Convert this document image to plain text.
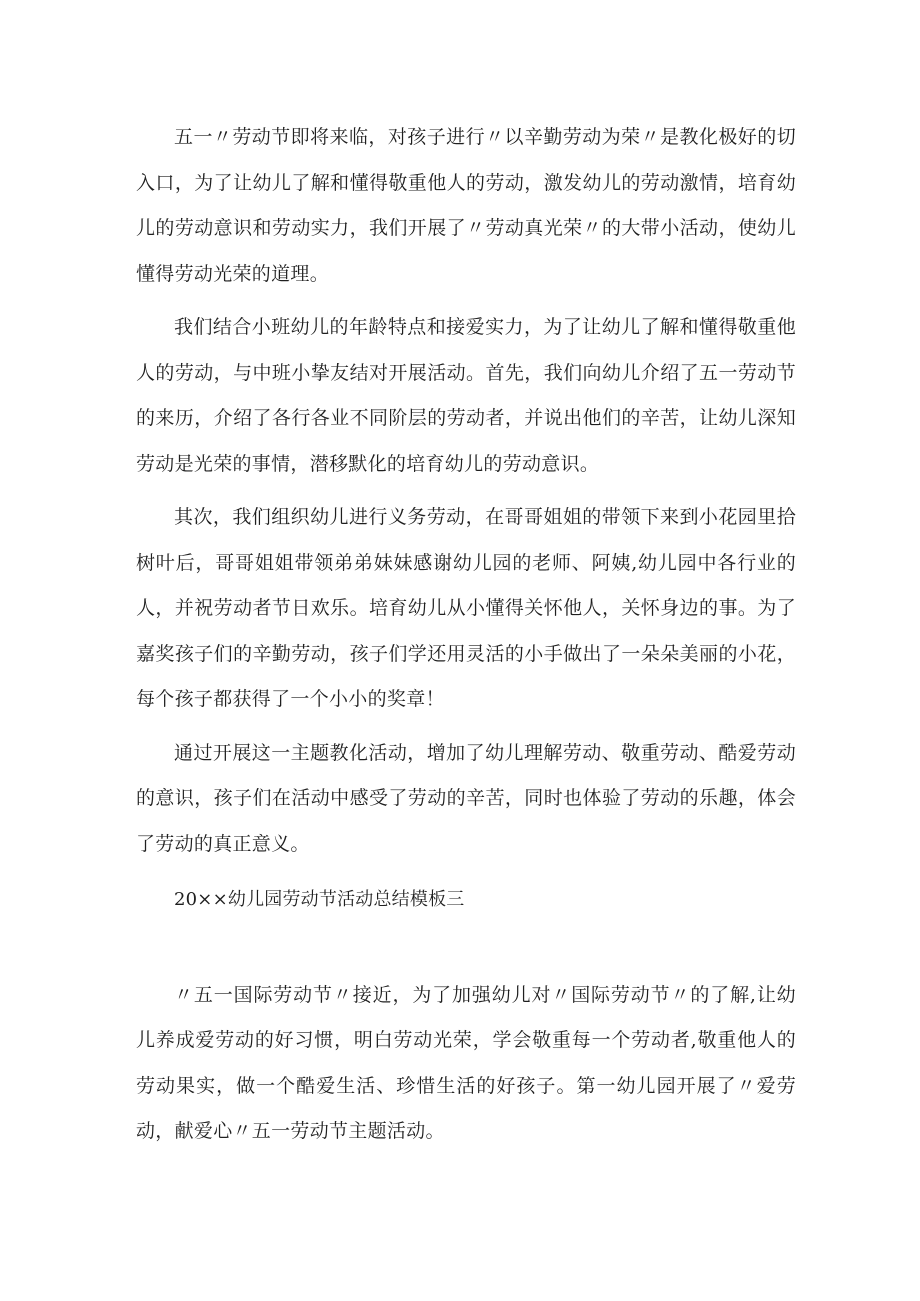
五一〃劳动节即将来临，对孩子进行〃以辛勤劳动为荣〃是教化极好的切入口，为了让幼儿了解和懂得敬重他人的劳动，激发幼儿的劳动激情，培育幼儿的劳动意识和劳动实力，我们开展了〃劳动真光荣〃的大带小活动，使幼儿懂得劳动光荣的道理。

我们结合小班幼儿的年龄特点和接爱实力，为了让幼儿了解和懂得敬重他人的劳动，与中班小挚友结对开展活动。首先，我们向幼儿介绍了五一劳动节的来历，介绍了各行各业不同阶层的劳动者，并说出他们的辛苦，让幼儿深知劳动是光荣的事情，潜移默化的培育幼儿的劳动意识。

其次，我们组织幼儿进行义务劳动，在哥哥姐姐的带领下来到小花园里拾树叶后，哥哥姐姐带领弟弟妹妹感谢幼儿园的老师、阿姨,幼儿园中各行业的人，并祝劳动者节日欢乐。培育幼儿从小懂得关怀他人，关怀身边的事。为了嘉奖孩子们的辛勤劳动，孩子们学还用灵活的小手做出了一朵朵美丽的小花，每个孩子都获得了一个小小的奖章！

通过开展这一主题教化活动，增加了幼儿理解劳动、敬重劳动、酷爱劳动的意识，孩子们在活动中感受了劳动的辛苦，同时也体验了劳动的乐趣，体会了劳动的真正意义。

20××幼儿园劳动节活动总结模板三

〃五一国际劳动节〃接近，为了加强幼儿对〃国际劳动节〃的了解,让幼儿养成爱劳动的好习惯，明白劳动光荣，学会敬重每一个劳动者,敬重他人的劳动果实，做一个酷爱生活、珍惜生活的好孩子。第一幼儿园开展了〃爱劳动，献爱心〃五一劳动节主题活动。
